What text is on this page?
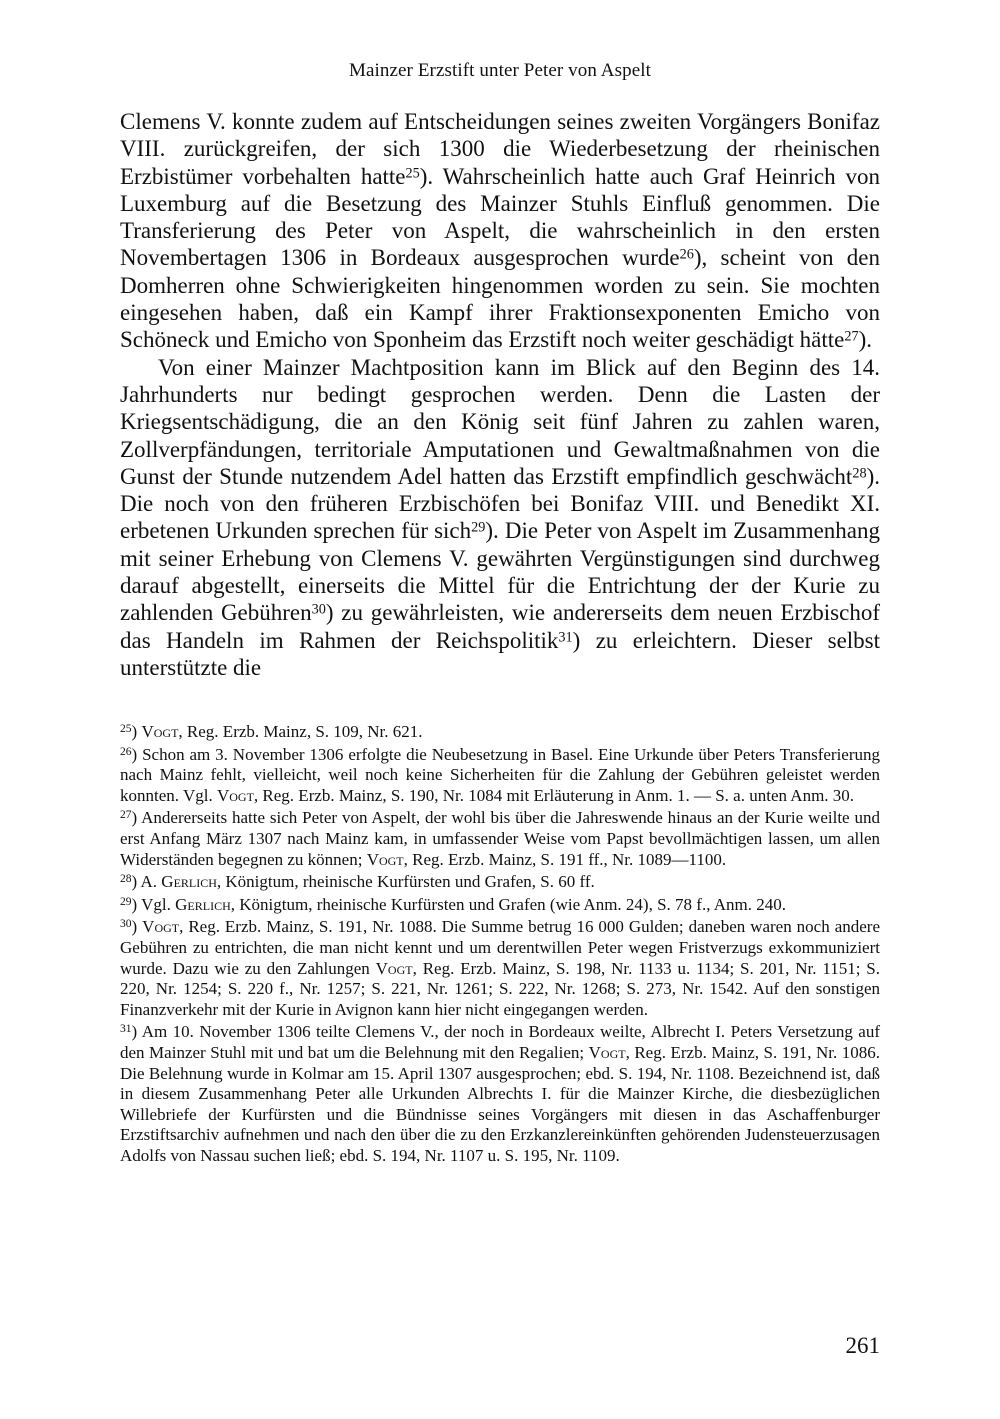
Mainzer Erzstift unter Peter von Aspelt

Clemens V. konnte zudem auf Entscheidungen seines zweiten Vorgängers Bonifaz VIII. zurückgreifen, der sich 1300 die Wiederbesetzung der rheinischen Erzbistümer vorbehalten hatte$^{25}$). Wahrscheinlich hatte auch Graf Heinrich von Luxemburg auf die Besetzung des Mainzer Stuhls Einfluß genommen. Die Transferierung des Peter von Aspelt, die wahrscheinlich in den ersten Novembertagen 1306 in Bordeaux ausgesprochen wurde$^{26}$), scheint von den Domherren ohne Schwierigkeiten hingenommen worden zu sein. Sie mochten eingesehen haben, daß ein Kampf ihrer Fraktionsexponenten Emicho von Schöneck und Emicho von Sponheim das Erzstift noch weiter geschädigt hätte$^{27}$).

Von einer Mainzer Machtposition kann im Blick auf den Beginn des 14. Jahrhunderts nur bedingt gesprochen werden. Denn die Lasten der Kriegsentschädigung, die an den König seit fünf Jahren zu zahlen waren, Zollverpfändungen, territoriale Amputationen und Gewaltmaßnahmen von die Gunst der Stunde nutzendem Adel hatten das Erzstift empfindlich geschwächt$^{28}$). Die noch von den früheren Erzbischöfen bei Bonifaz VIII. und Benedikt XI. erbetenen Urkunden sprechen für sich$^{29}$). Die Peter von Aspelt im Zusammenhang mit seiner Erhebung von Clemens V. gewährten Vergünstigungen sind durchweg darauf abgestellt, einerseits die Mittel für die Entrichtung der der Kurie zu zahlenden Gebühren$^{30}$) zu gewährleisten, wie andererseits dem neuen Erzbischof das Handeln im Rahmen der Reichspolitik$^{31}$) zu erleichtern. Dieser selbst unterstützte die

$^{25}$) Vogt, Reg. Erzb. Mainz, S. 109, Nr. 621.

$^{26}$) Schon am 3. November 1306 erfolgte die Neubesetzung in Basel. Eine Urkunde über Peters Transferierung nach Mainz fehlt, vielleicht, weil noch keine Sicherheiten für die Zahlung der Gebühren geleistet werden konnten. Vgl. Vogt, Reg. Erzb. Mainz, S. 190, Nr. 1084 mit Erläuterung in Anm. 1. — S. a. unten Anm. 30.

$^{27}$) Andererseits hatte sich Peter von Aspelt, der wohl bis über die Jahreswende hinaus an der Kurie weilte und erst Anfang März 1307 nach Mainz kam, in umfassender Weise vom Papst bevollmächtigen lassen, um allen Widerständen begegnen zu können; Vogt, Reg. Erzb. Mainz, S. 191 ff., Nr. 1089—1100.

$^{28}$) A. Gerlich, Königtum, rheinische Kurfürsten und Grafen, S. 60 ff.

$^{29}$) Vgl. Gerlich, Königtum, rheinische Kurfürsten und Grafen (wie Anm. 24), S. 78 f., Anm. 240.

$^{30}$) Vogt, Reg. Erzb. Mainz, S. 191, Nr. 1088. Die Summe betrug 16 000 Gulden; daneben waren noch andere Gebühren zu entrichten, die man nicht kennt und um derentwillen Peter wegen Fristverzugs exkommuniziert wurde. Dazu wie zu den Zahlungen Vogt, Reg. Erzb. Mainz, S. 198, Nr. 1133 u. 1134; S. 201, Nr. 1151; S. 220, Nr. 1254; S. 220 f., Nr. 1257; S. 221, Nr. 1261; S. 222, Nr. 1268; S. 273, Nr. 1542. Auf den sonstigen Finanzverkehr mit der Kurie in Avignon kann hier nicht eingegangen werden.

$^{31}$) Am 10. November 1306 teilte Clemens V., der noch in Bordeaux weilte, Albrecht I. Peters Versetzung auf den Mainzer Stuhl mit und bat um die Belehnung mit den Regalien; Vogt, Reg. Erzb. Mainz, S. 191, Nr. 1086. Die Belehnung wurde in Kolmar am 15. April 1307 ausgesprochen; ebd. S. 194, Nr. 1108. Bezeichnend ist, daß in diesem Zusammenhang Peter alle Urkunden Albrechts I. für die Mainzer Kirche, die diesbezüglichen Willebriefe der Kurfürsten und die Bündnisse seines Vorgängers mit diesen in das Aschaffenburger Erzstiftsarchiv aufnehmen und nach den über die zu den Erzkanzlereinkünften gehörenden Judensteuerzusagen Adolfs von Nassau suchen ließ; ebd. S. 194, Nr. 1107 u. S. 195, Nr. 1109.

261
